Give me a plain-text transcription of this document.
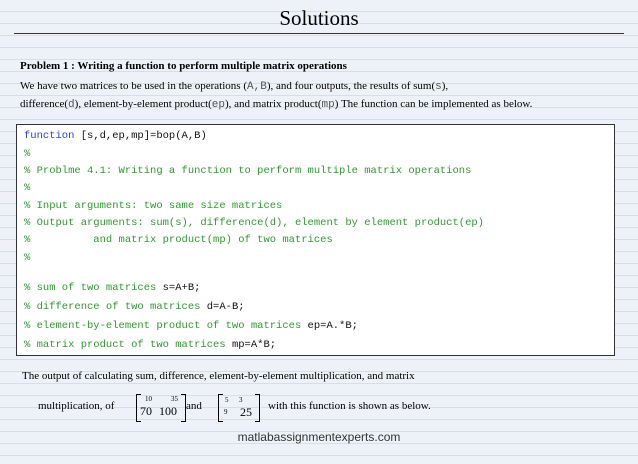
Solutions
Problem 1 : Writing a function to perform multiple matrix operations
We have two matrices to be used in the operations (A,B), and four outputs, the results of sum(s),
difference(d), element-by-element product(ep), and matrix product(mp) The function can be implemented as below.
function [s,d,ep,mp]=bop(A,B)
%
% Problme 4.1: Writing a function to perform multiple matrix operations
%
% Input arguments: two same size matrices
% Output arguments: sum(s), difference(d), element by element product(ep)
%          and matrix product(mp) of two matrices
%
% sum of two matrices s=A+B;
% difference of two matrices d=A-B;
% element-by-element product of two matrices ep=A.*B;
% matrix product of two matrices mp=A*B;
The output of calculating sum, difference, element-by-element multiplication, and matrix
multiplication, of
10	35
70 100 and	5 3
9 25 with this function is shown as below.
matlabassignmentexperts.com
